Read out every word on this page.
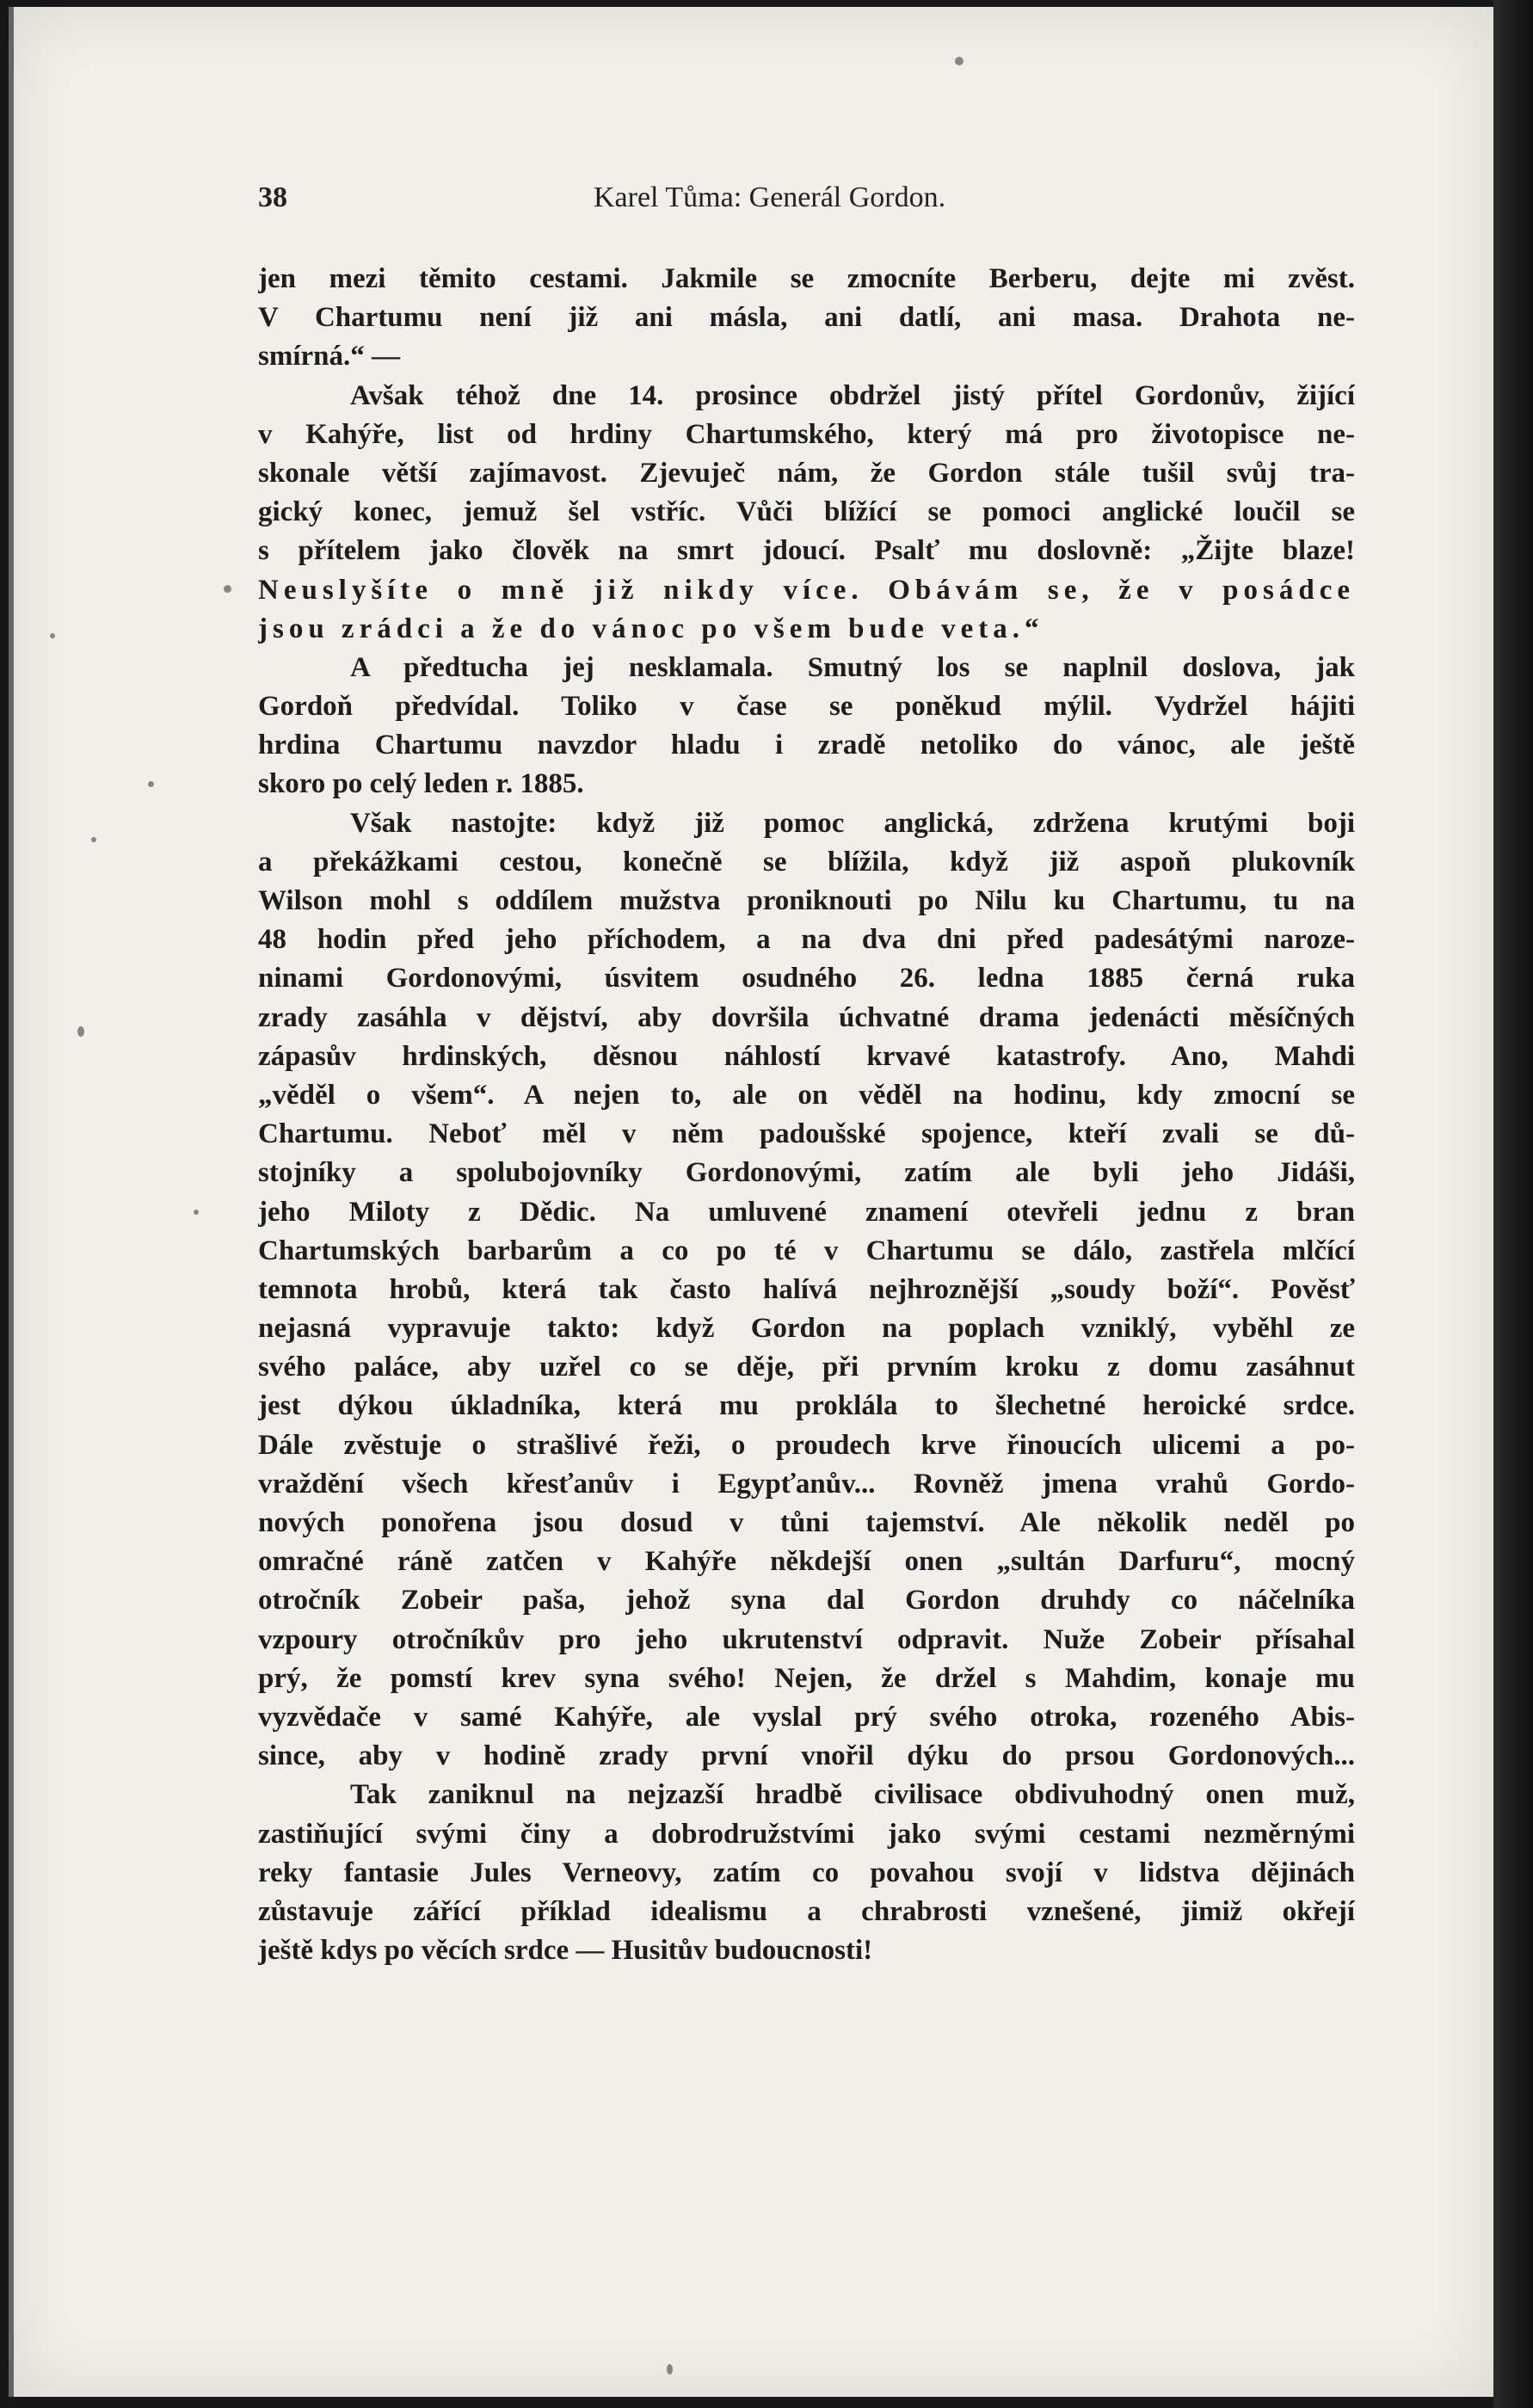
38	Karel Tůma: Generál Gordon.
jen mezi těmito cestami. Jakmile se zmocníte Berberu, dejte mi zvěst.
V Chartumu není již ani másla, ani datlí, ani masa. Drahota ne-
smírná.“ —
Avšak téhož dne 14. prosince obdržel jistý přítel Gordonův, žijící
v Kahýře, list od hrdiny Chartumského, který má pro životopisce ne-
skonale větší zajímavost. Zjevuječ nám, že Gordon stále tušil svůj tra-
gický konec, jemuž šel vstříc. Vůči blížící se pomoci anglické loučil se
s přítelem jako člověk na smrt jdoucí. Psalť mu doslovně: „Žijte blaze!
Neuslyšíte o mně již nikdy více. Obávám se, že v posádce
jsou zrádci a že do vánoc po všem bude veta.“
A předtucha jej nesklamala. Smutný los se naplnil doslova, jak
Gordoň předvídal. Toliko v čase se poněkud mýlil. Vydržel hájiti
hrdina Chartumu navzdor hladu i zradě netoliko do vánoc, ale ještě
skoro po celý leden r. 1885.
Však nastojte: když již pomoc anglická, zdržena krutými boji
a překážkami cestou, konečně se blížila, když již aspoň plukovník
Wilson mohl s oddílem mužstva proniknouti po Nilu ku Chartumu, tu na
48 hodin před jeho příchodem, a na dva dni před padesátými naroze-
ninami Gordonovými, úsvitem osudného 26. ledna 1885 černá ruka
zrady zasáhla v dějství, aby dovršila úchvatné drama jedenácti měsíčných
zápasův hrdinských, děsnou náhlostí krvavé katastrofy. Ano, Mahdi
„věděl o všem“. A nejen to, ale on věděl na hodinu, kdy zmocní se
Chartumu. Neboť měl v něm padoušské spojence, kteří zvali se dů-
stojníky a spolubojovníky Gordonovými, zatím ale byli jeho Jidáši,
jeho Miloty z Dědic. Na umluvené znamení otevřeli jednu z bran
Chartumských barbarům a co po té v Chartumu se dálo, zastřela mlčící
temnota hrobů, která tak často halívá nejhroznější „soudy boží“. Pověsť
nejasná vypravuje takto: když Gordon na poplach vzniklý, vyběhl ze
svého paláce, aby uzřel co se děje, při prvním kroku z domu zasáhnut
jest dýkou úkladníka, která mu proklála to šlechetné heroické srdce.
Dále zvěstuje o strašlivé řeži, o proudech krve řinoucích ulicemi a po-
vraždění všech křesťanův i Egypťanův... Rovněž jmena vrahů Gordo-
nových ponořena jsou dosud v tůni tajemství. Ale několik neděl po
omračné ráně zatčen v Kahýře někdejší onen „sultán Darfuru“, mocný
otročník Zobeir paša, jehož syna dal Gordon druhdy co náčelníka
vzpoury otročníkův pro jeho ukrutenství odpravit. Nuže Zobeir přísahal
prý, že pomstí krev syna svého! Nejen, že držel s Mahdim, konaje mu
vyzvědače v samé Kahýře, ale vyslal prý svého otroka, rozeného Abis-
since, aby v hodině zrady první vnořil dýku do prsou Gordonových...
Tak zaniknul na nejzazší hradbě civilisace obdivuhodný onen muž,
zastiňující svými činy a dobrodružstvími jako svými cestami nezměrnými
reky fantasie Jules Verneovy, zatím co povahou svojí v lidstva dějinách
zůstavuje zářící příklad idealismu a chrabrosti vznešené, jimiž okřejí
ještě kdys po věcích srdce — Husitův budoucnosti!
